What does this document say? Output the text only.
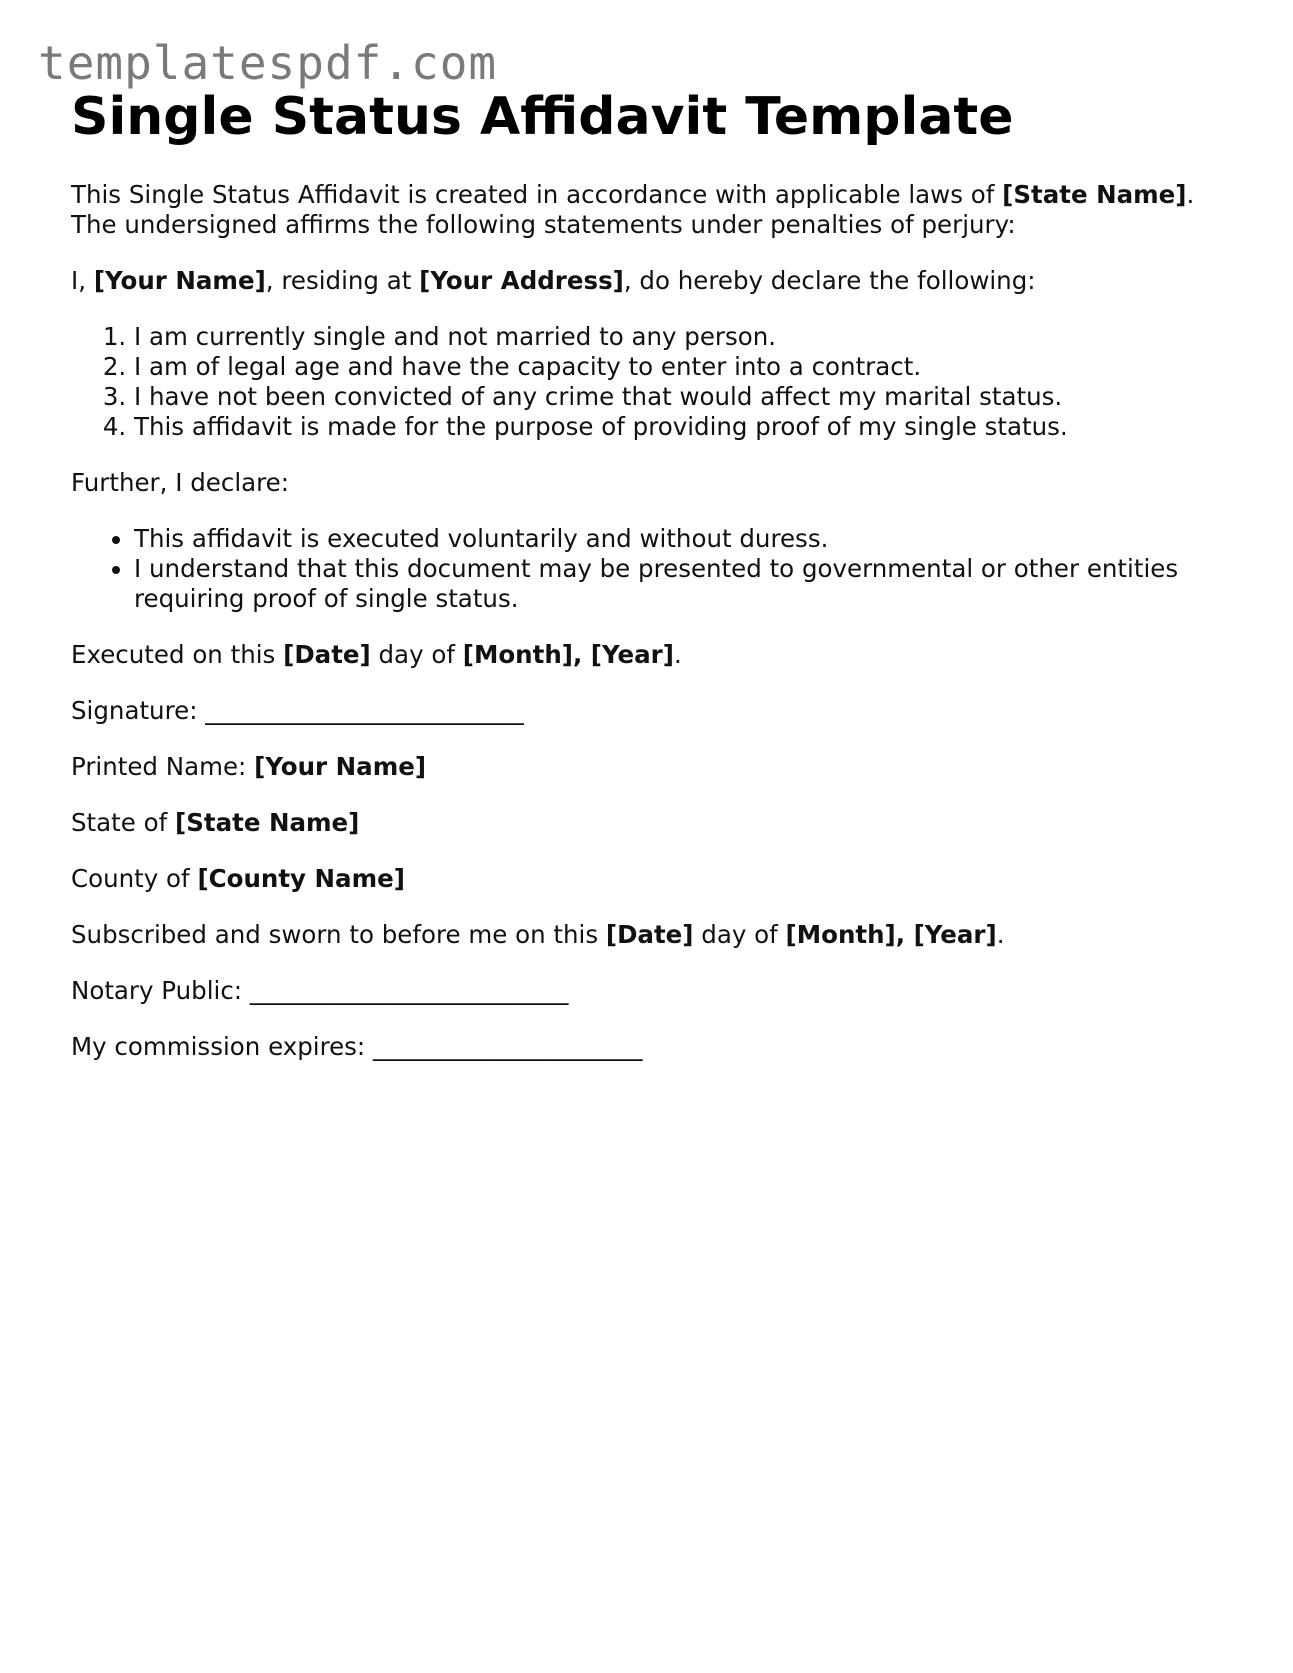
templatespdf.com
Single Status Affidavit Template

This Single Status Affidavit is created in accordance with applicable laws of [State Name]. The undersigned affirms the following statements under penalties of perjury:

I, [Your Name], residing at [Your Address], do hereby declare the following:

1. I am currently single and not married to any person.
2. I am of legal age and have the capacity to enter into a contract.
3. I have not been convicted of any crime that would affect my marital status.
4. This affidavit is made for the purpose of providing proof of my single status.

Further, I declare:

• This affidavit is executed voluntarily and without duress.
• I understand that this document may be presented to governmental or other entities requiring proof of single status.

Executed on this [Date] day of [Month], [Year].

Signature: __________________________

Printed Name: [Your Name]

State of [State Name]

County of [County Name]

Subscribed and sworn to before me on this [Date] day of [Month], [Year].

Notary Public: __________________________

My commission expires: ______________________
